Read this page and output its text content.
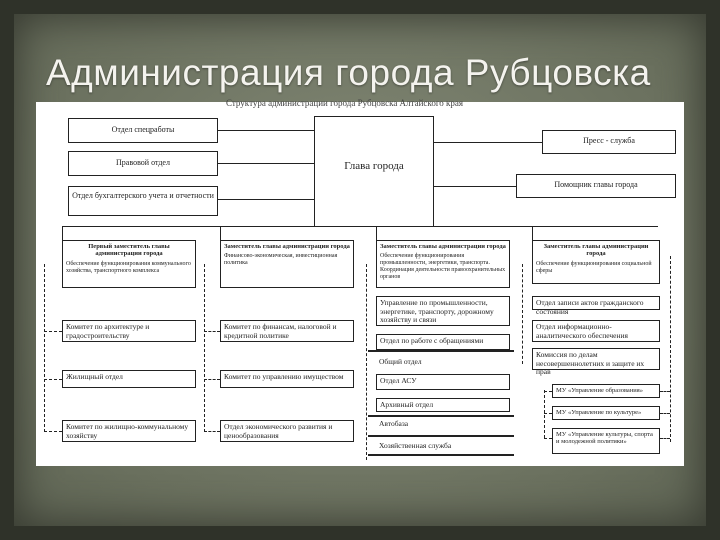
Администрация города Рубцовска
Структура администрации города Рубцовска Алтайского края
Отдел спецработы
Правовой отдел
Отдел бухгалтерского учета и отчетности
Глава города
Пресс - служба
Помощник главы города
Первый заместитель главы администрации города
Обеспечение функционирования коммунального хозяйства, транспортного комплекса
Комитет по архитектуре и градостроительству
Жилищный отдел
Комитет по жилищно-коммунальному хозяйству
Заместитель главы администрации города
Финансово-экономическая, инвестиционная политика
Комитет по финансам, налоговой и кредитной политике
Комитет по управлению имуществом
Отдел экономического развития и ценообразования
Заместитель главы администрации города
Обеспечение функционирования промышленности, энергетики, транспорта. Координация деятельности правоохранительных органов
Управление по промышленности, энергетике, транспорту, дорожному хозяйству и связи
Отдел по работе с обращениями
Общий отдел
Отдел АСУ
Архивный отдел
Автобаза
Хозяйственная служба
Заместитель главы администрации города
Обеспечение функционирования социальной сферы
Отдел записи актов гражданского состояния
Отдел информационно-аналитического обеспечения
Комиссия по делам несовершеннолетних и защите их прав
МУ «Управление образования»
МУ «Управление по культуре»
МУ «Управление культуры, спорта и молодежной политики»
